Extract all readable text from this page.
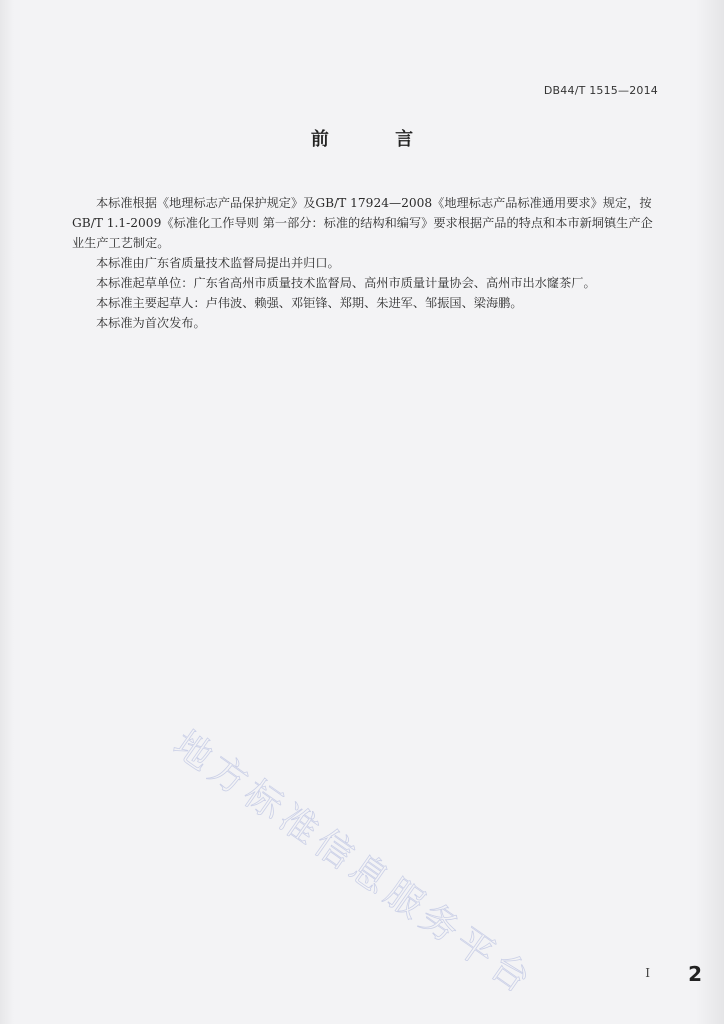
DB44/T 1515—2014
前 言

本标准根据《地理标志产品保护规定》及GB/T 17924—2008《地理标志产品标准通用要求》规定，按GB/T 1.1-2009《标准化工作导则 第一部分：标准的结构和编写》要求根据产品的特点和本市新垌镇生产企业生产工艺制定。

本标准由广东省质量技术监督局提出并归口。

本标准起草单位：广东省高州市质量技术监督局、高州市质量计量协会、高州市出水窿茶厂。

本标准主要起草人：卢伟波、赖强、邓钜锋、郑期、朱进军、邹振国、梁海鹏。

本标准为首次发布。

地方标准信息服务平台	I 2
